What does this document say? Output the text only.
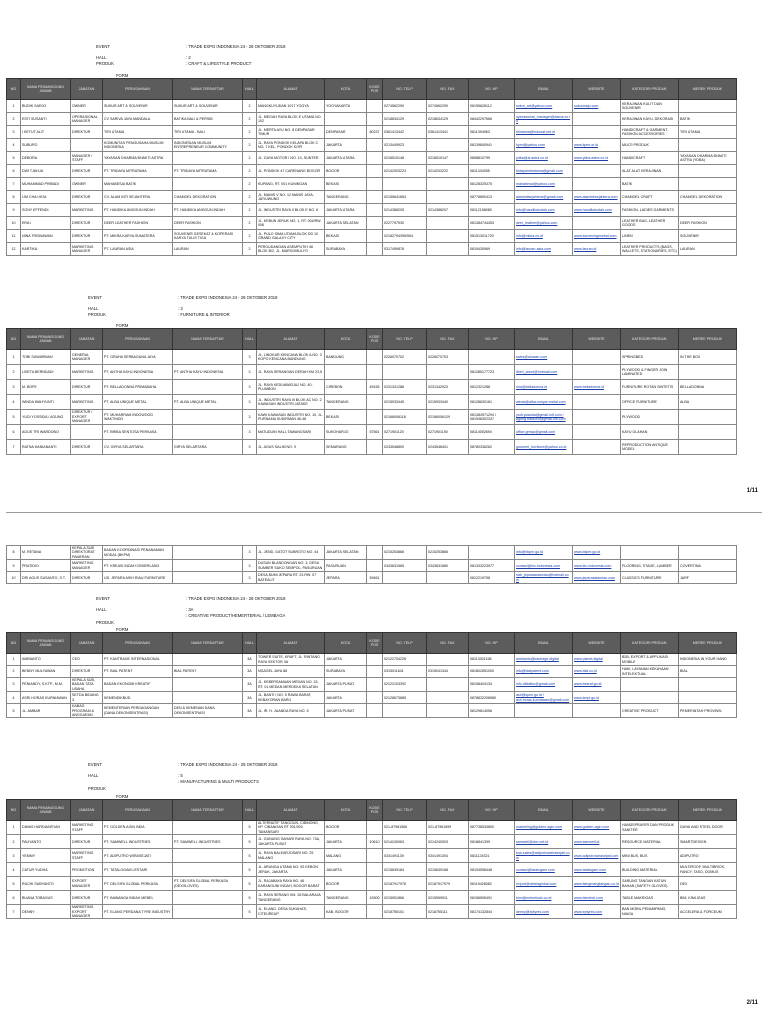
EVENT	: TRADE EXPO INDONESIA 24 - 28 OKTOBER 2018
HALL	: 2
PRODUK	: CRAFT & LIFESTYLE PRODUCT
FORM
NO	NAMA PENANGGUNG JAWAB	JABATAN	PERUSAHAAN	NAMA TERDAFTAR	HALL	ALAMAT	KOTA	KODE POS	NO. TELP	NO. FAX	NO. HP	EMAIL	WEBSITE	KATEGORI PRODUK	MEREK PRODUK
1	BUDHI SARJO	OWNER	SUKUR ART & SOUVENIR	SUKUR ART & SOUVENIR	2	MANGKUYUDAN 1017 YOGYA	YOGYAKARTA		0274562290	0274562290	08155628112	sukur_art@yahoo.com	sukurmaju.com	KERAJINAN KULIT DAN SOUVENIR	
2	ESTI SUSANTI	OPERASIONAL MANAGER	CV SARIVA JAYA MANDALA	BATIKA BALI & PERSIB	2	JL. MEGAH RAYA BLOK E UTAMA NO. 102			0218634129	0218634129	08442297666	operasional_manager@dama.co.id		KERAJINAN KAYU, DEKORASI	BATIK
3	I KETUT ALIT	DIREKTUR	TIRI UTAMA	TIRI UTAMA - BALI	2	JL. MERTA AYU NO. 8 DENPASAR TIMUR	DENPASAR	80237	0361413442	0361413441	0811394963	tiriutama@indosat.net.id		HANDICRAFT & GARMENT, FASHION ACCESSORIES	TIRI UTAMA
4	SUBURO		KOMUNITAS PENGUSAHA MUSLIM INDONESIA	INDONESIAN MUSLIM ENTREPRENEUR COMMUNITY	2	JL. RAYA PONDOK KELAPA BLOK C NO. 7 KEL. PONDOK KOPI	JAKARTA		0213449923		08139840941	kpmi@yahoo.com	www.kpmi.or.id	MULTI PRODUK	
5	DEBORA	MANAGER / STAFF	YAYASAN DHARMA BHAKTI ASTRA		2	JL. GAYA MOTOR I NO. 10, SUNTER	JAKARTA UTARA		0216510148	0216510147	0898810799	ydba@ai.astra.co.id	www.ydba.astra.co.id	HANDICRAFT	YAYASAN DHARMA BHAKTI ASTRA (YDBA)
6	DWI TJAHJA	DIREKTUR	PT. TRIDAYA MITRATAMA	PT. TRIDAYA MITRATAMA	2	JL. PONDOK 47 CARENANG BOGOR	BOGOR		02142003223	0214203222	0811334055	tridayamitratama@gmail.com		ALAT ALAT KERAJINAN	
7	MUHAMMAD PRIBADI	OWNER	MAHABESAI BATIK		2	KUPANG, RT. 001 KUNINGAN	BEKASI				08128325375	mahabesai@yahoo.com		BATIK	
8	LIM CHAI HOA	DIREKTUR	CV. ALAM INTI SEJAHTERA	CHAMOEL DEKORATION	2	JL. MANIS V NO. 12 MANIS JAYA, JATIUWUNG	TANGERANG		02155641654		08776890413	alamintisejahtera@gmail.com	www.alamintisejahtera.com	CHAMOEL CRAFT	CHAMOEL DEKORATION
9	SONY EFFENDI	MARKETING	PT. HANDIKA ANGGUN INDAH	PT. HANDIKA ANGGUN INDAH	2	JL. INDUSTRI RAYA II BLOK E NO. 6	JAKARTA UTARA		0214388205	0214388207	08112158080	info@handikaindah.com	www.handikaindah.com	FASHION, LADIES GARMENTS	
10	ERA I	DIREKTUR	DEER LEATHER FASHION	DEER FASHION	2	JL. KEBUN JERUK NO. 1, RT. 004/RW. 006	JAKARTA SELATAN		0227797930		081384744453	deer_leather@yahoo.com		LEATHER BAG, LEATHER GOODS	DEER FASHION
11	NINA TRISNAWAN	DIREKTUR	PT. MIKRA KARYA SUMATERA	SOUVENIR GESEKAT & KOPERASI KARYA TULIS TIGA	2	JL. PULO SIMA UTAMA BLOK DD 10 GRAND GALAXY CITY	BEKASI		02182794395/554		081513011720	info@mikra.co.id	www.souvenirgesekat.com	LINEN	SOUVENIR
12	KARTIKA	MARKETING MANAGER	PT. LAURAN ASIA	LAURAN	2	PERGUDANGAN ASEMPUTIH 48 BLOK B/2, JL. MARGOMULYO	SURABAYA		0317499876		0819430969	info@lauran-asia.com	www.lauran.id	LEATHER PRODUCTS (BAGS, WALLETS, STATIONARIES, ETC)	LAURAN
EVENT	: TRADE EXPO INDONESIA 24 - 28 OKTOBER 2018
HALL	: 3
PRODUK	: FURNITURE & INTERIOR
FORM
NO	NAMA PENANGGUNG JAWAB	JABATAN	PERUSAHAAN	NAMA TERDAFTAR	HALL	ALAMAT	KOTA	KODE POS	NO. TELP	NO. FAX	NO. HP	EMAIL	WEBSITE	KATEGORI PRODUK	MEREK PRODUK
1	TOBI SUWARMAN	GENERAL MANAGER	PT. GRAHA SERBAGUNA JAYA		3	JL. LINGKAR KENCANA BLOK A NO. 3 KOPO KENCANA BANDUNG	BANDUNG		0226070702	0226070703		sales@aluwan.com		SPRINGBED	IN THE BOX
2	LISETA BERNDADI	MARKETING	PT. ANTHA KAYU INDONESIA	PT. ANTHA KAYU INDONESIA	3	JL. RAYA SERANGAN DERAH KM 23,5					081285177723	liberl_wood@hotmail.com		PLYWOOD & FINGER JOIN LAMINATED	
3	M. BOFE	DIREKTUR	PT. BELLADONNA PRIMABAHA		3	JL. RAYA KEDUAWIDJAJ NO. 40, PLUMBON	CIREBON	45155	0231341288	0231342923	0812321288	rina@belladonna.id	www.belladonna.id	FURNITURE ROTAN SINTETIS	BELLADONNA
4	WINDA WAHYUNTI	MARKETING	PT. ALBA UNIQUE METAL	PT. ALBA UNIQUE METAL	3	JL. INDUSTRI RAYA III BLOK AC NO. 2 KAWASAN INDUSTRI JATAKE	TANGERANG		0215933445	0215933440	08128630161	winda@alba-unique-metal.com		OFFICE FURNITURE	ALBA
5	YUDI YOSSIDA / AGUNG	DIREKTUR / EXPORT MANAGER	PT. MUHARRAM INDOWOOD WAKTINDO		3	KAWI KAWASAN INDUSTRI NO. 10, JL. PURNAMA SUDIRMAN 46-48	BEKASI		02166006118	02166006129	081384971294 / 081938302337	yudi.yossida@gmail-intl.com / agung.baskoro@gmail-intl.com		PLYWOOD	
6	AGUS TRI WARDONO		PT. BRIBA SENTOSA PERKASA		3	MATUDUIN HALL TAWANGSARI	SUKOHARJO	57561	0271901120	0271901190	08114052694	office.gmwp@gmail.com		KAYU OLAHAN	
7	RATNA HANIANANTI	DIREKTUR	CV. GIRYA SELARTARA	GIRYA SELARTARA	3	JL. AGUS SALIM NO. 9	SEMARANG		0243548800	0243548401	08780336262	gourmet_furniture@yahoo.co.id		REPRODUCTION ANTIQUE MODEL	
1/11
8	M. RETANA	KEPALA SUB DIREKTORAT PAMERAN	BADAN KOORDINASI PENANAMAN MODAL (BKPM)		3	JL. JEND. GATOT SUBROTO NO. 44	JAKARTA SELATAN		0215253866	0215253866		info@bkpm.go.id	www.bkpm.go.id		
9	PRATIDIO	MARKETING MANAGER	PT. KREASI INDAH CEMERLANG		3	DUSUN BLANDONGAN NO. 3, DESA SUMBER SUKO SEMPOL, PASURUAN	PASURUAN		0343631565	0343631680	081333223977	contact@kic-indonesia.com	www.kic-indonesia.com	FLOORING, STAGE, LUMBER	COVERTINA
10	DRI AGUS SUSANTO, S.T.	DIREKTUR	UD. JEPARA ASIH RIAU FURNITURE		3	DESA BUMI JEPARA RT. 23 RW. 07 BATEALIT	JEPARA	59461			0812219758	riab_jeparaasianriau@hotmail.com	www.jeparaasianriau.com	CLASSICS FURNITURE	JARF
EVENT	: TRADE EXPO INDONESIA 24 - 28 OKTOBER 2018
HALL	: 3A
PRODUK
: CREATIVE PRODUCT/HEMERTERIAL / LEMBAGA
FORM
NO	NAMA PENANGGUNG JAWAB	JABATAN	PERUSAHAAN	NAMA TERDAFTAR	HALL	ALAMAT	KOTA	KODE POS	NO. TELP	NO. FAX	NO. HP	EMAIL	WEBSITE	KATEGORI PRODUK	MEREK PRODUK
1	AMBIANTO	CEO	PT. KANTRAGE INTERNASIONAL		3A	TOWER SUITE, KRAFT, JL. RINTANG RAYA SEKTOR 3A	JAKARTA		02122704226		08113001158	ambianto@kantrage.digital	www.planet.digital	B2B, EXPORT & APPLIKASI MOBILE	INDONESIA IN YOUR HAND
2	BENNY MULYAWAN	DIREKTUR	PT. BIAL PATENT	BIAL PATENT	3A	NGAGEL JAYA 88	SURABAYA		0315011641	0315041344	081802851000	info@bialpatent.com	www.bial.co.id	HAKI, LAYANAN KEKAYAAN INTELEKTUAL	BIAL
3	PENIANDY, S.KTP., M.M.	KEPALA SUB, BADAN TATA USAHA	BADAN EKONOMI KREATIF		3A	JL. KEBERSAMAAN MEDAN NO. 15, RT. 01 MEDAN MERDEKA SELATAN	JAKARTA PUSAT		02122103392		08158404134	info.diklatbu@gmail.com	www.bekraf.go.id		
4	ASRI HORAS KURNIAWAN	SETDA BIDANG 3	KEMENDIKBUD		3A	JL. BANTI I NO. 5 RAWA BARAT, KEBAYORAN BARU	JAKARTA		02128673885		0878832208980	asri@kpmi.go.id / asri.horas.kurniawan@gmail.com	www.kmpi.go.id		
5	JL. AMBAR	KABAG PROGRAM & ANGGARAN	KEMENTERIAN PERDAGANGAN (DANA DEKONSENTRASI)	DEN & KEMENAN DANA DEKONSENTRASI	3A	JL. IR. H. JUANDA RAYA NO. 5	JAKARTA PUSAT				08129814056			CREATIVE PRODUCT	PEMERINTAH PROVINSI
EVENT	: TRADE EXPO INDONESIA 24 - 28 OKTOBER 2018
HALL	: 5
PRODUK
: MANUFACTURING & MULTI PRODUCTS
FORM
NO	NAMA PENANGGUNG JAWAB	JABATAN	PERUSAHAAN	NAMA TERDAFTAR	HALL	ALAMAT	KOTA	KODE POS	NO. TELP	NO. FAX	NO. HP	EMAIL	WEBSITE	KATEGORI PRODUK	MEREK PRODUK
1	DIMAS HARDIANSYAH	MARKETING STAFF	PT. GOLDEN AGIN INDA		5	ALTERNATIF TANGGUN, CIBINONG, KP. CIBANGAN RT 001/003 TAMANSARI	BOGOR		021-87961566	021-87961599	087736533800	marketing@golden-agin.com	www.golden-agin.com	HANDSPRAYER DAN PRODUK SANITER	DAYAI AND STEEL DOOR
2	PAUYANTO	DIREKTUR	PT. SAMWELL INDUSTRIES	PT. SAMWELL INDUSTRIES	5	JL. GUNUNG SAHARI RAYA NO. 73A, JAKARTA PUSAT	JAKARTA	10610	0214240063	0214240003	0818841399	samwell@cbn.net.id	www.samwell.id	RESOURCE MATERIAL	SMARTDESIGN
3	YEMMY	MARKETING STAFF	PT. ADIPUTRO WIRASEJATI		5	JL. RAYA BALEARJOSARI NO. 25 MALANG	MALANG		0341491139	0341491304	0811124321	bus.sales@adiputroweirasejati.com	www.adiputrowirasejati.com	MINI BUS, BUS	ADIPUTRO
4	CATUR YUDHA	PROMOTION	PT. TATALOGAM LESTARI		5	JL. ARUNGA UTAMA NO. 00 KEBON JERUK, JAKARTA	JAKARTA		0215639184	0215639168	08194558448	contact@tatalogam.com	www.tatalogam.com	BUILDING MATERIAL	MULTIROOF, MULTIBRICK, FANCY, TASO, DOMUS
5	RUCHI SUBYANTO	EXPORT MANAGER	PT. DELSIFA GLOBAL PERKASA	PT. DELSIFA GLOBAL PERKASA (DEXGLOVES)	5	JL. RAJABAYA RAYA NO. 46 KARANGUNI INDAH, BOGOR BARAT	BOGOR		02187917978	02187917979	08119428082	export@delsiaglobal.com	www.tiangmangtangan.co.id	SARUNG TANGAN KATUN BAHAN (SAFETY GLOVES)	DEX
6	BUANA TOBAGUS	DIREKTUR	PT. BAWANGA INDAH MEBEL		5	JL. RAYA SERANG KM. 26 BALARAJA TANGERANG	TANGERANG	15300	0215951866	0215959511	08156595491	bimi@mebelindo.co.id	www.bimebel.com	TABLE MAKRIGAS	BIM, KIMLIGAS
7	DENNY	MARKETING EXPORT MANAGER	PT. ELANG PERDANA TYRE INDUSTRY		5	JL. ELANG, DESA SUKAHATI, CITEUREUP	KAB. BOGOR		0218755101	0218755111	08174132844	denny@eptyres.com	www.eptyres.com	BAN MOBIL PENUMPANG, NIAGA	ACCELERA & FORCEUM
2/11
